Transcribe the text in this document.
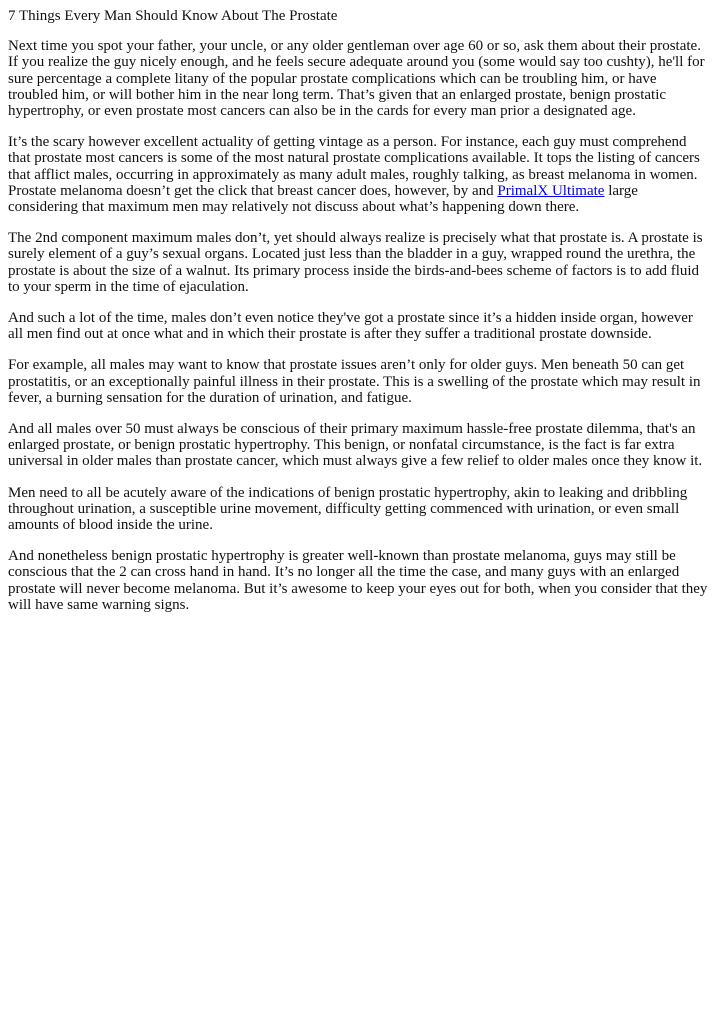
7 Things Every Man Should Know About The Prostate

Next time you spot your father, your uncle, or any older gentleman over age 60 or so, ask them about their prostate. If you realize the guy nicely enough, and he feels secure adequate around you (some would say too cushty), he'll for sure percentage a complete litany of the popular prostate complications which can be troubling him, or have troubled him, or will bother him in the near long term. That’s given that an enlarged prostate, benign prostatic hypertrophy, or even prostate most cancers can also be in the cards for every man prior a designated age.

It’s the scary however excellent actuality of getting vintage as a person. For instance, each guy must comprehend that prostate most cancers is some of the most natural prostate complications available. It tops the listing of cancers that afflict males, occurring in approximately as many adult males, roughly talking, as breast melanoma in women. Prostate melanoma doesn’t get the click that breast cancer does, however, by and PrimalX Ultimate large considering that maximum men may relatively not discuss about what’s happening down there.

The 2nd component maximum males don’t, yet should always realize is precisely what that prostate is. A prostate is surely element of a guy’s sexual organs. Located just less than the bladder in a guy, wrapped round the urethra, the prostate is about the size of a walnut. Its primary process inside the birds-and-bees scheme of factors is to add fluid to your sperm in the time of ejaculation.

And such a lot of the time, males don’t even notice they've got a prostate since it’s a hidden inside organ, however all men find out at once what and in which their prostate is after they suffer a traditional prostate downside.

For example, all males may want to know that prostate issues aren’t only for older guys. Men beneath 50 can get prostatitis, or an exceptionally painful illness in their prostate. This is a swelling of the prostate which may result in fever, a burning sensation for the duration of urination, and fatigue.

And all males over 50 must always be conscious of their primary maximum hassle-free prostate dilemma, that's an enlarged prostate, or benign prostatic hypertrophy. This benign, or nonfatal circumstance, is the fact is far extra universal in older males than prostate cancer, which must always give a few relief to older males once they know it.

Men need to all be acutely aware of the indications of benign prostatic hypertrophy, akin to leaking and dribbling throughout urination, a susceptible urine movement, difficulty getting commenced with urination, or even small amounts of blood inside the urine.

And nonetheless benign prostatic hypertrophy is greater well-known than prostate melanoma, guys may still be conscious that the 2 can cross hand in hand. It’s no longer all the time the case, and many guys with an enlarged prostate will never become melanoma. But it’s awesome to keep your eyes out for both, when you consider that they will have same warning signs.
